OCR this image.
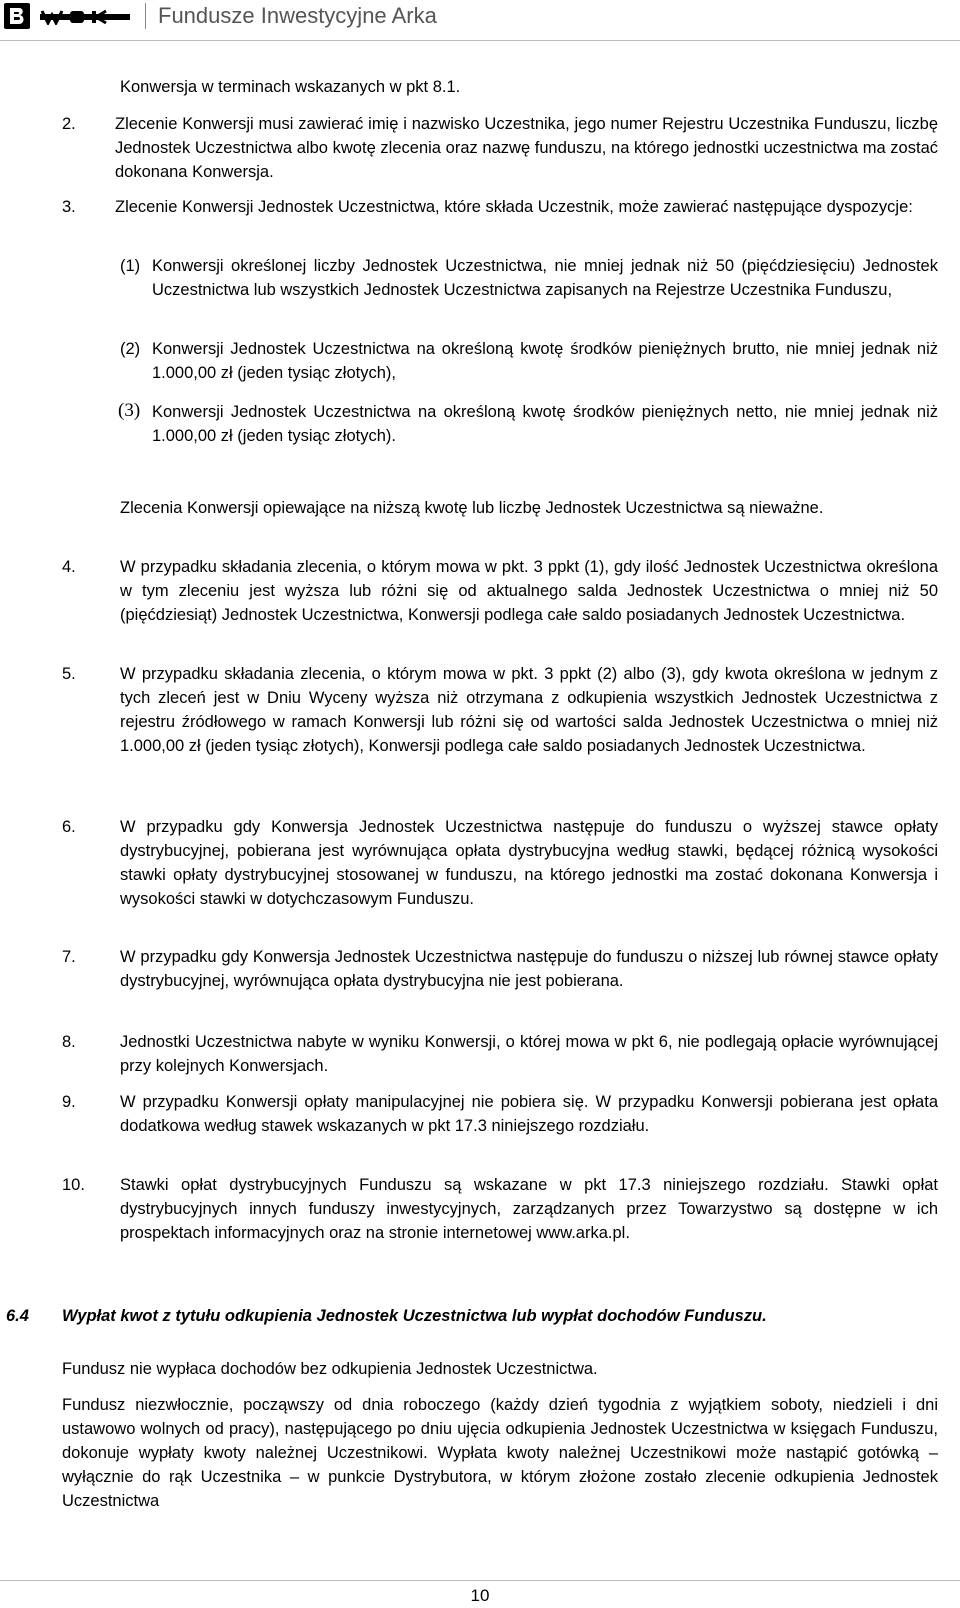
Fundusze Inwestycyjne Arka
Konwersja w terminach wskazanych w pkt 8.1.
2. Zlecenie Konwersji musi zawierać imię i nazwisko Uczestnika, jego numer Rejestru Uczestnika Funduszu, liczbę Jednostek Uczestnictwa albo kwotę zlecenia oraz nazwę funduszu, na którego jednostki uczestnictwa ma zostać dokonana Konwersja.
3. Zlecenie Konwersji Jednostek Uczestnictwa, które składa Uczestnik, może zawierać następujące dyspozycje:
(1) Konwersji określonej liczby Jednostek Uczestnictwa, nie mniej jednak niż 50 (pięćdziesięciu) Jednostek Uczestnictwa lub wszystkich Jednostek Uczestnictwa zapisanych na Rejestrze Uczestnika Funduszu,
(2) Konwersji Jednostek Uczestnictwa na określoną kwotę środków pieniężnych brutto, nie mniej jednak niż 1.000,00 zł (jeden tysiąc złotych),
(3) Konwersji Jednostek Uczestnictwa na określoną kwotę środków pieniężnych netto, nie mniej jednak niż 1.000,00 zł (jeden tysiąc złotych).
Zlecenia Konwersji opiewające na niższą kwotę lub liczbę Jednostek Uczestnictwa są nieważne.
4.	W przypadku składania zlecenia, o którym mowa w pkt. 3 ppkt (1), gdy ilość Jednostek Uczestnictwa określona w tym zleceniu jest wyższa lub różni się od aktualnego salda Jednostek Uczestnictwa o mniej niż 50 (pięćdziesiąt) Jednostek Uczestnictwa, Konwersji podlega całe saldo posiadanych Jednostek Uczestnictwa.
5.	W przypadku składania zlecenia, o którym mowa w pkt. 3 ppkt (2) albo (3), gdy kwota określona w jednym z tych zleceń jest w Dniu Wyceny wyższa niż otrzymana z odkupienia wszystkich Jednostek Uczestnictwa z rejestru źródłowego w ramach Konwersji lub różni się od wartości salda Jednostek Uczestnictwa o mniej niż 1.000,00 zł (jeden tysiąc złotych), Konwersji podlega całe saldo posiadanych Jednostek Uczestnictwa.
6.	W przypadku gdy Konwersja Jednostek Uczestnictwa następuje do funduszu o wyższej stawce opłaty dystrybucyjnej, pobierana jest wyrównująca opłata dystrybucyjna według stawki, będącej różnicą wysokości stawki opłaty dystrybucyjnej stosowanej w funduszu, na którego jednostki ma zostać dokonana Konwersja i wysokości stawki w dotychczasowym Funduszu.
7.	W przypadku gdy Konwersja Jednostek Uczestnictwa następuje do funduszu o niższej lub równej stawce opłaty dystrybucyjnej, wyrównująca opłata dystrybucyjna nie jest pobierana.
8.	Jednostki Uczestnictwa nabyte w wyniku Konwersji, o której mowa w pkt 6, nie podlegają opłacie wyrównującej przy kolejnych Konwersjach.
9.	W przypadku Konwersji opłaty manipulacyjnej nie pobiera się. W przypadku Konwersji pobierana jest opłata dodatkowa według stawek wskazanych w pkt 17.3 niniejszego rozdziału.
10. Stawki opłat dystrybucyjnych Funduszu są wskazane w pkt 17.3 niniejszego rozdziału. Stawki opłat dystrybucyjnych innych funduszy inwestycyjnych, zarządzanych przez Towarzystwo są dostępne w ich prospektach informacyjnych oraz na stronie internetowej www.arka.pl.
6.4 Wypłat kwot z tytułu odkupienia Jednostek Uczestnictwa lub wypłat dochodów Funduszu.
Fundusz nie wypłaca dochodów bez odkupienia Jednostek Uczestnictwa.
Fundusz niezwłocznie, począwszy od dnia roboczego (każdy dzień tygodnia z wyjątkiem soboty, niedzieli i dni ustawowo wolnych od pracy), następującego po dniu ujęcia odkupienia Jednostek Uczestnictwa w księgach Funduszu, dokonuje wypłaty kwoty należnej Uczestnikowi. Wypłata kwoty należnej Uczestnikowi może nastąpić gotówką – wyłącznie do rąk Uczestnika – w punkcie Dystrybutora, w którym złożone zostało zlecenie odkupienia Jednostek Uczestnictwa
10
